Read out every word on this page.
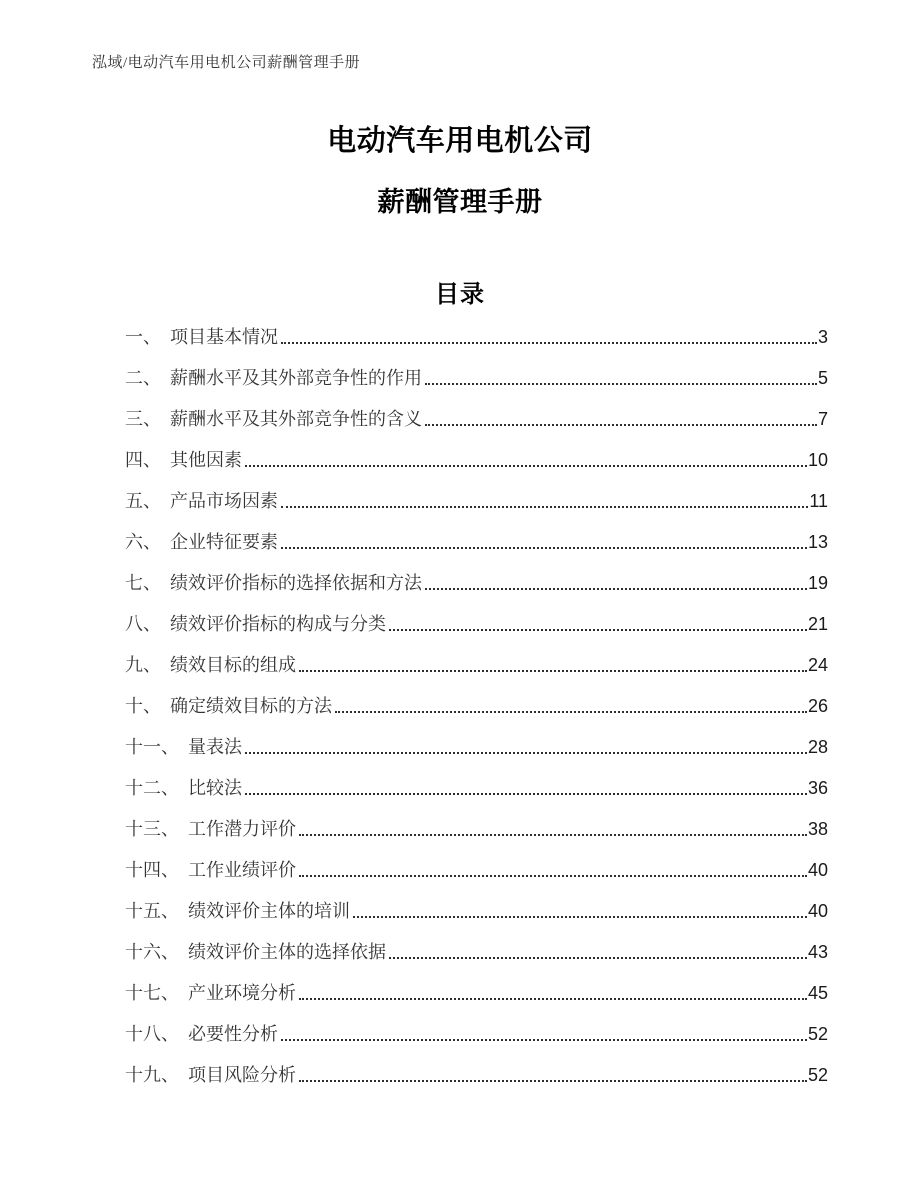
泓域/电动汽车用电机公司薪酬管理手册
电动汽车用电机公司
薪酬管理手册
目录
一、 项目基本情况	3
二、 薪酬水平及其外部竞争性的作用	5
三、 薪酬水平及其外部竞争性的含义	7
四、 其他因素	10
五、 产品市场因素	11
六、 企业特征要素	13
七、 绩效评价指标的选择依据和方法	19
八、 绩效评价指标的构成与分类	21
九、 绩效目标的组成	24
十、 确定绩效目标的方法	26
十一、 量表法	28
十二、 比较法	36
十三、 工作潜力评价	38
十四、 工作业绩评价	40
十五、 绩效评价主体的培训	40
十六、 绩效评价主体的选择依据	43
十七、 产业环境分析	45
十八、 必要性分析	52
十九、 项目风险分析	52
